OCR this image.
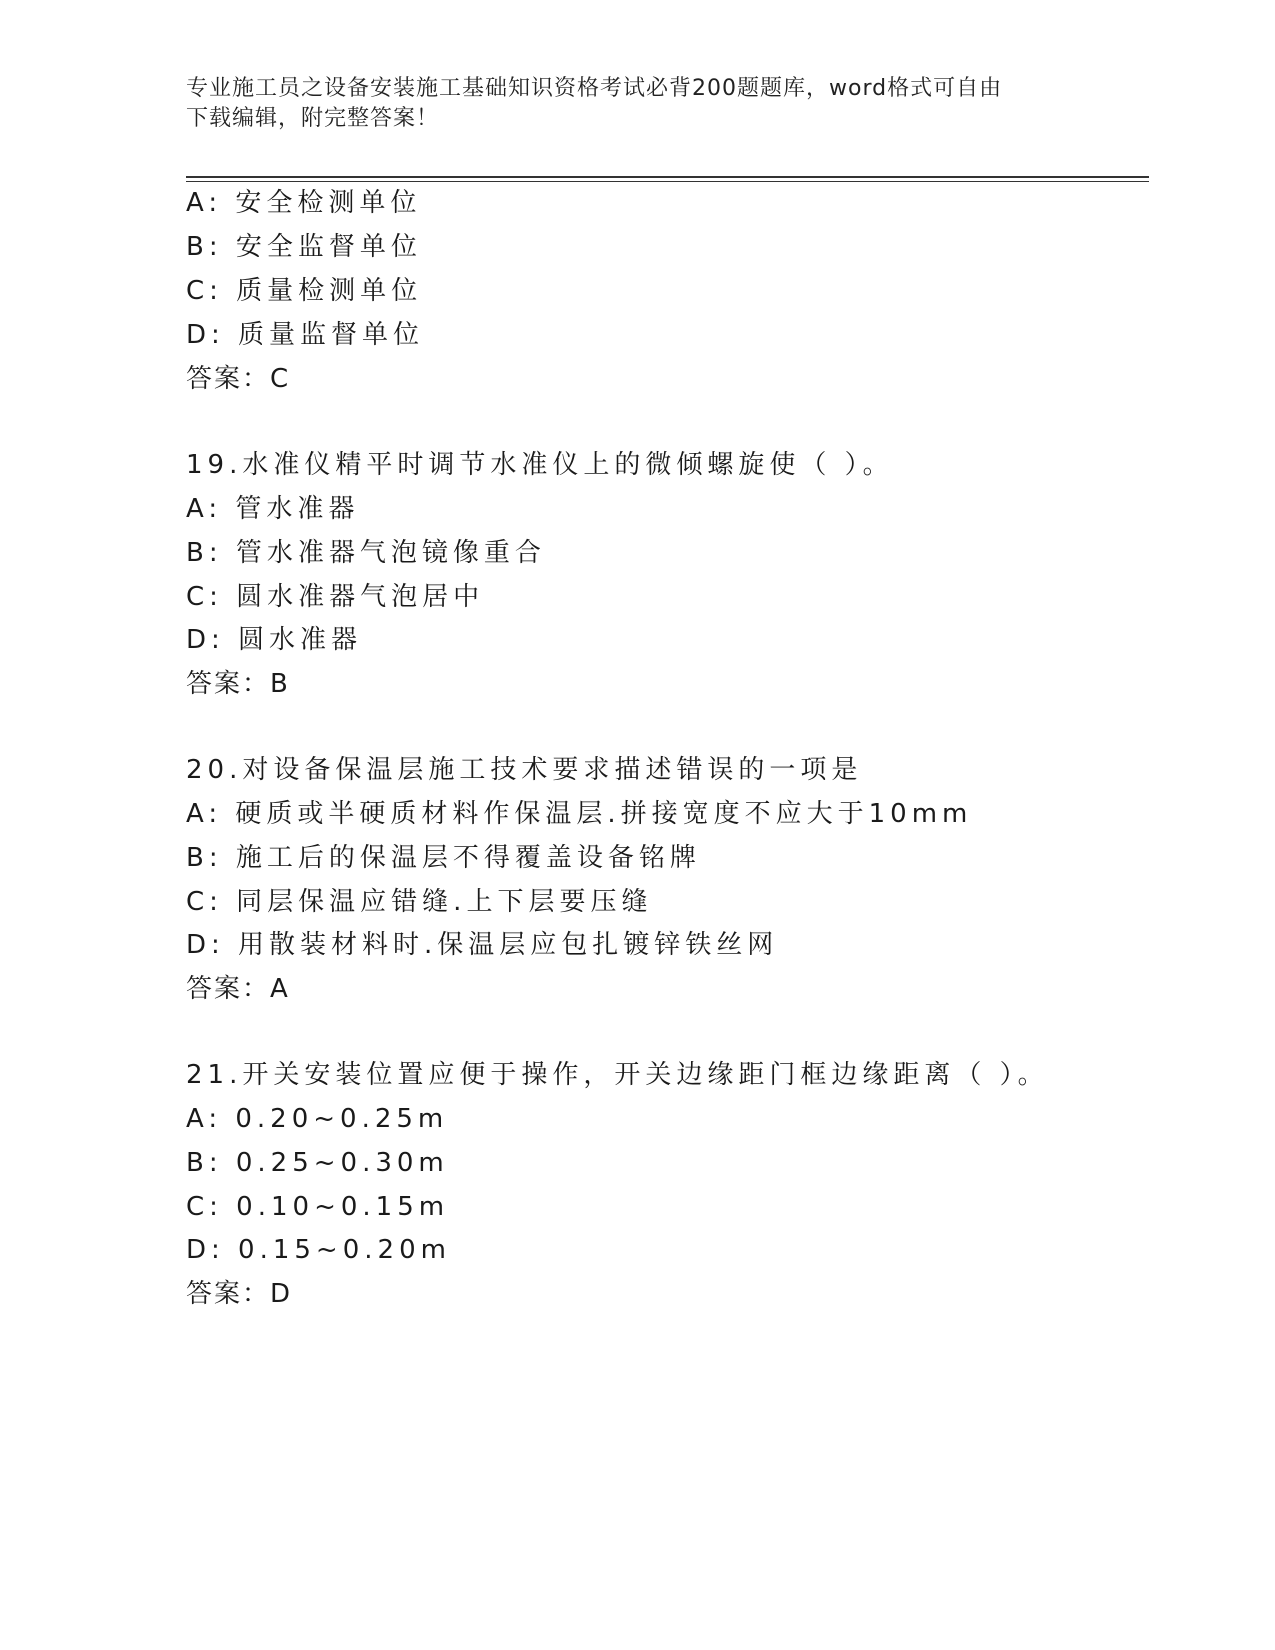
专业施工员之设备安装施工基础知识资格考试必背200题题库，word格式可自由
下载编辑，附完整答案！
A: 安全检测单位
B: 安全监督单位
C: 质量检测单位
D: 质量监督单位
答案：C
19.水准仪精平时调节水准仪上的微倾螺旋使（ ）。
A: 管水准器
B: 管水准器气泡镜像重合
C: 圆水准器气泡居中
D: 圆水准器
答案：B
20.对设备保温层施工技术要求描述错误的一项是
A: 硬质或半硬质材料作保温层.拼接宽度不应大于10mm
B: 施工后的保温层不得覆盖设备铭牌
C: 同层保温应错缝.上下层要压缝
D: 用散装材料时.保温层应包扎镀锌铁丝网
答案：A
21.开关安装位置应便于操作，开关边缘距门框边缘距离（ ）。
A: 0.20~0.25m
B: 0.25~0.30m
C: 0.10~0.15m
D: 0.15~0.20m
答案：D
